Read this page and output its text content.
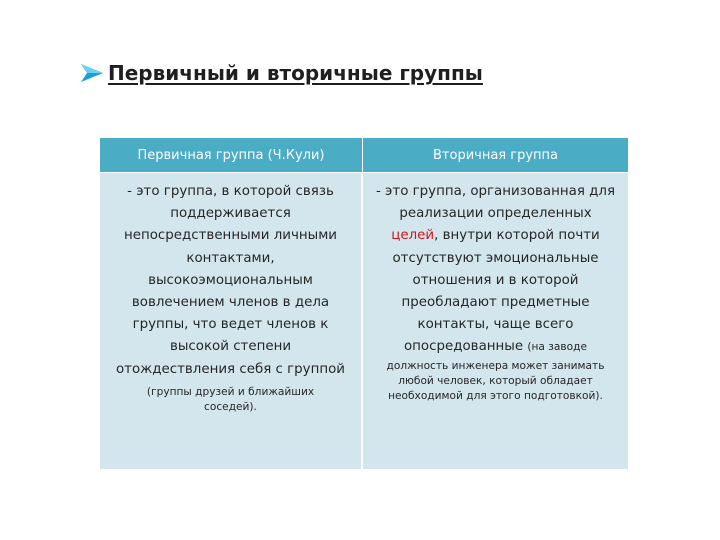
Первичный и вторичные группы
Первичная группа (Ч.Кули)	Вторичная группа
- это группа, в которой связь
поддерживается
непосредственными личными
контактами,
высокоэмоциональным
вовлечением членов в дела
группы, что ведет членов к
высокой степени
отождествления себя с группой
(группы друзей и ближайших
соседей).
- это группа, организованная для
реализации определенных
целей, внутри которой почти
отсутствуют эмоциональные
отношения и в которой
преобладают предметные
контакты, чаще всего
опосредованные (на заводе
должность инженера может занимать
любой человек, который обладает
необходимой для этого подготовкой).
